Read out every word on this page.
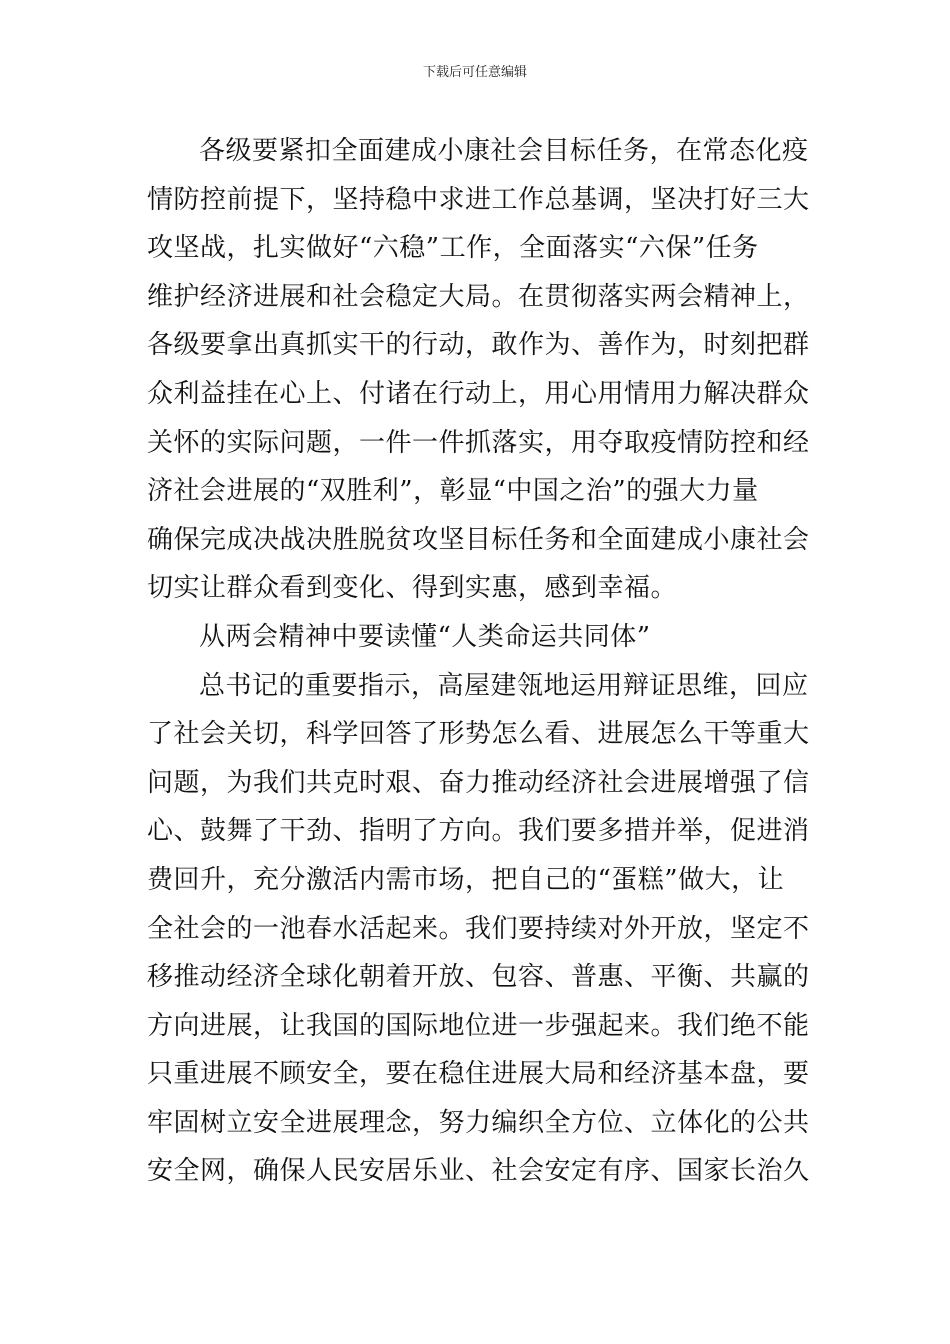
下载后可任意编辑
各级要紧扣全面建成小康社会目标任务，在常态化疫
情防控前提下，坚持稳中求进工作总基调，坚决打好三大
攻坚战，扎实做好“六稳”工作，全面落实“六保”任务
维护经济进展和社会稳定大局。在贯彻落实两会精神上，
各级要拿出真抓实干的行动，敢作为、善作为，时刻把群
众利益挂在心上、付诸在行动上，用心用情用力解决群众
关怀的实际问题，一件一件抓落实，用夺取疫情防控和经
济社会进展的“双胜利”，彰显“中国之治”的强大力量
确保完成决战决胜脱贫攻坚目标任务和全面建成小康社会
切实让群众看到变化、得到实惠，感到幸福。
从两会精神中要读懂“人类命运共同体”
总书记的重要指示，高屋建瓴地运用辩证思维，回应
了社会关切，科学回答了形势怎么看、进展怎么干等重大
问题，为我们共克时艰、奋力推动经济社会进展增强了信
心、鼓舞了干劲、指明了方向。我们要多措并举，促进消
费回升，充分激活内需市场，把自己的“蛋糕”做大，让
全社会的一池春水活起来。我们要持续对外开放，坚定不
移推动经济全球化朝着开放、包容、普惠、平衡、共赢的
方向进展，让我国的国际地位进一步强起来。我们绝不能
只重进展不顾安全，要在稳住进展大局和经济基本盘，要
牢固树立安全进展理念，努力编织全方位、立体化的公共
安全网，确保人民安居乐业、社会安定有序、国家长治久
